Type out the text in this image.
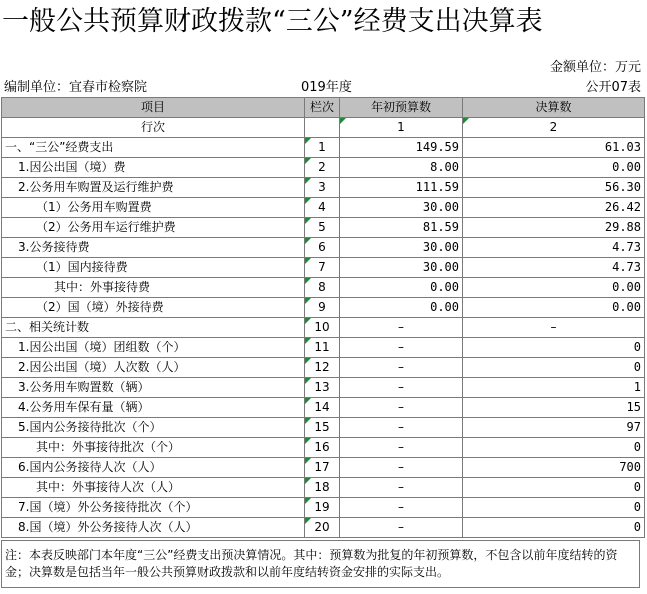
一般公共预算财政拨款“三公”经费支出决算表
金额单位：万元
编制单位：宜春市检察院	019年度	公开07表
项目	栏次	年初预算数	决算数
行次		1	2
一、“三公”经费支出	1	149.59	61.03
1.因公出国（境）费	2	8.00	0.00
2.公务用车购置及运行维护费	3	111.59	56.30
（1）公务用车购置费	4	30.00	26.42
（2）公务用车运行维护费	5	81.59	29.88
3.公务接待费	6	30.00	4.73
（1）国内接待费	7	30.00	4.73
其中：外事接待费	8	0.00	0.00
（2）国（境）外接待费	9	0.00	0.00
二、相关统计数	10	–	–
1.因公出国（境）团组数（个）	11	–	0
2.因公出国（境）人次数（人）	12	–	0
3.公务用车购置数（辆）	13	–	1
4.公务用车保有量（辆）	14	–	15
5.国内公务接待批次（个）	15	–	97
其中：外事接待批次（个）	16	–	0
6.国内公务接待人次（人）	17	–	700
其中：外事接待人次（人）	18	–	0
7.国（境）外公务接待批次（个）	19	–	0
8.国（境）外公务接待人次（人）	20	–	0
注：本表反映部门本年度“三公”经费支出预决算情况。其中：预算数为批复的年初预算数，不包含以前年度结转的资金；决算数是包括当年一般公共预算财政拨款和以前年度结转资金安排的实际支出。
